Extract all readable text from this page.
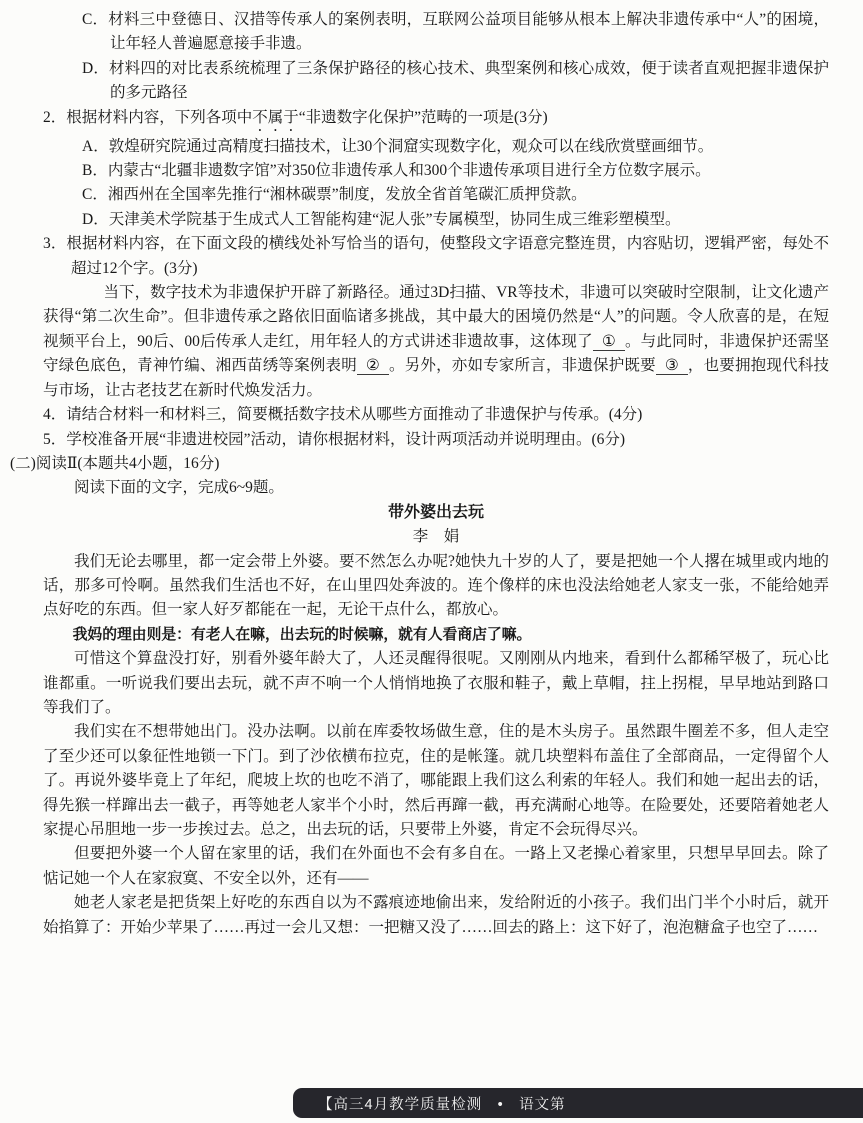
C．材料三中登德日、汉措等传承人的案例表明，互联网公益项目能够从根本上解决非遗传承中“人”的困境，让年轻人普遍愿意接手非遗。
D．材料四的对比表系统梳理了三条保护路径的核心技术、典型案例和核心成效，便于读者直观把握非遗保护的多元路径
2．根据材料内容，下列各项中不属于“非遗数字化保护”范畴的一项是(3分)
A．敦煌研究院通过高精度扫描技术，让30个洞窟实现数字化，观众可以在线欣赏壁画细节。
B．内蒙古“北疆非遗数字馆”对350位非遗传承人和300个非遗传承项目进行全方位数字展示。
C．湘西州在全国率先推行“湘林碳票”制度，发放全省首笔碳汇质押贷款。
D．天津美术学院基于生成式人工智能构建“泥人张”专属模型，协同生成三维彩塑模型。
3．根据材料内容，在下面文段的横线处补写恰当的语句，使整段文字语意完整连贯，内容贴切，逻辑严密，每处不超过12个字。(3分)
当下，数字技术为非遗保护开辟了新路径。通过3D扫描、VR等技术，非遗可以突破时空限制，让文化遗产获得“第二次生命”。但非遗传承之路依旧面临诸多挑战，其中最大的困境仍然是“人”的问题。令人欣喜的是，在短视频平台上，90后、00后传承人走红，用年轻人的方式讲述非遗故事，这体现了 ① 。与此同时，非遗保护还需坚守绿色底色，青神竹编、湘西苗绣等案例表明 ② 。另外，亦如专家所言，非遗保护既要 ③ ，也要拥抱现代科技与市场，让古老技艺在新时代焕发活力。
4．请结合材料一和材料三，简要概括数字技术从哪些方面推动了非遗保护与传承。(4分)
5．学校准备开展“非遗进校园”活动，请你根据材料，设计两项活动并说明理由。(6分)
(二)阅读Ⅱ(本题共4小题，16分)
阅读下面的文字，完成6~9题。
带外婆出去玩
李　娟
我们无论去哪里，都一定会带上外婆。要不然怎么办呢?她快九十岁的人了，要是把她一个人撂在城里或内地的话，那多可怜啊。虽然我们生活也不好，在山里四处奔波的。连个像样的床也没法给她老人家支一张，不能给她弄点好吃的东西。但一家人好歹都能在一起，无论干点什么，都放心。
我妈的理由则是：有老人在嘛，出去玩的时候嘛，就有人看商店了嘛。
可惜这个算盘没打好，别看外婆年龄大了，人还灵醒得很呢。又刚刚从内地来，看到什么都稀罕极了，玩心比谁都重。一听说我们要出去玩，就不声不响一个人悄悄地换了衣服和鞋子，戴上草帽，拄上拐棍，早早地站到路口等我们了。
我们实在不想带她出门。没办法啊。以前在库委牧场做生意，住的是木头房子。虽然跟牛圈差不多，但人走空了至少还可以象征性地锁一下门。到了沙依横布拉克，住的是帐篷。就几块塑料布盖住了全部商品，一定得留个人了。再说外婆毕竟上了年纪，爬坡上坎的也吃不消了，哪能跟上我们这么利索的年轻人。我们和她一起出去的话，得先猴一样蹿出去一截子，再等她老人家半个小时，然后再蹿一截，再充满耐心地等。在险要处，还要陪着她老人家提心吊胆地一步一步挨过去。总之，出去玩的话，只要带上外婆，肯定不会玩得尽兴。
但要把外婆一个人留在家里的话，我们在外面也不会有多自在。一路上又老操心着家里，只想早早回去。除了惦记她一个人在家寂寞、不安全以外，还有——
她老人家老是把货架上好吃的东西自以为不露痕迹地偷出来，发给附近的小孩子。我们出门半个小时后，就开始掐算了：开始少苹果了……再过一会儿又想：一把糖又没了……回去的路上：这下好了，泡泡糖盒子也空了……
【高三4月教学质量检测　•　语文第
